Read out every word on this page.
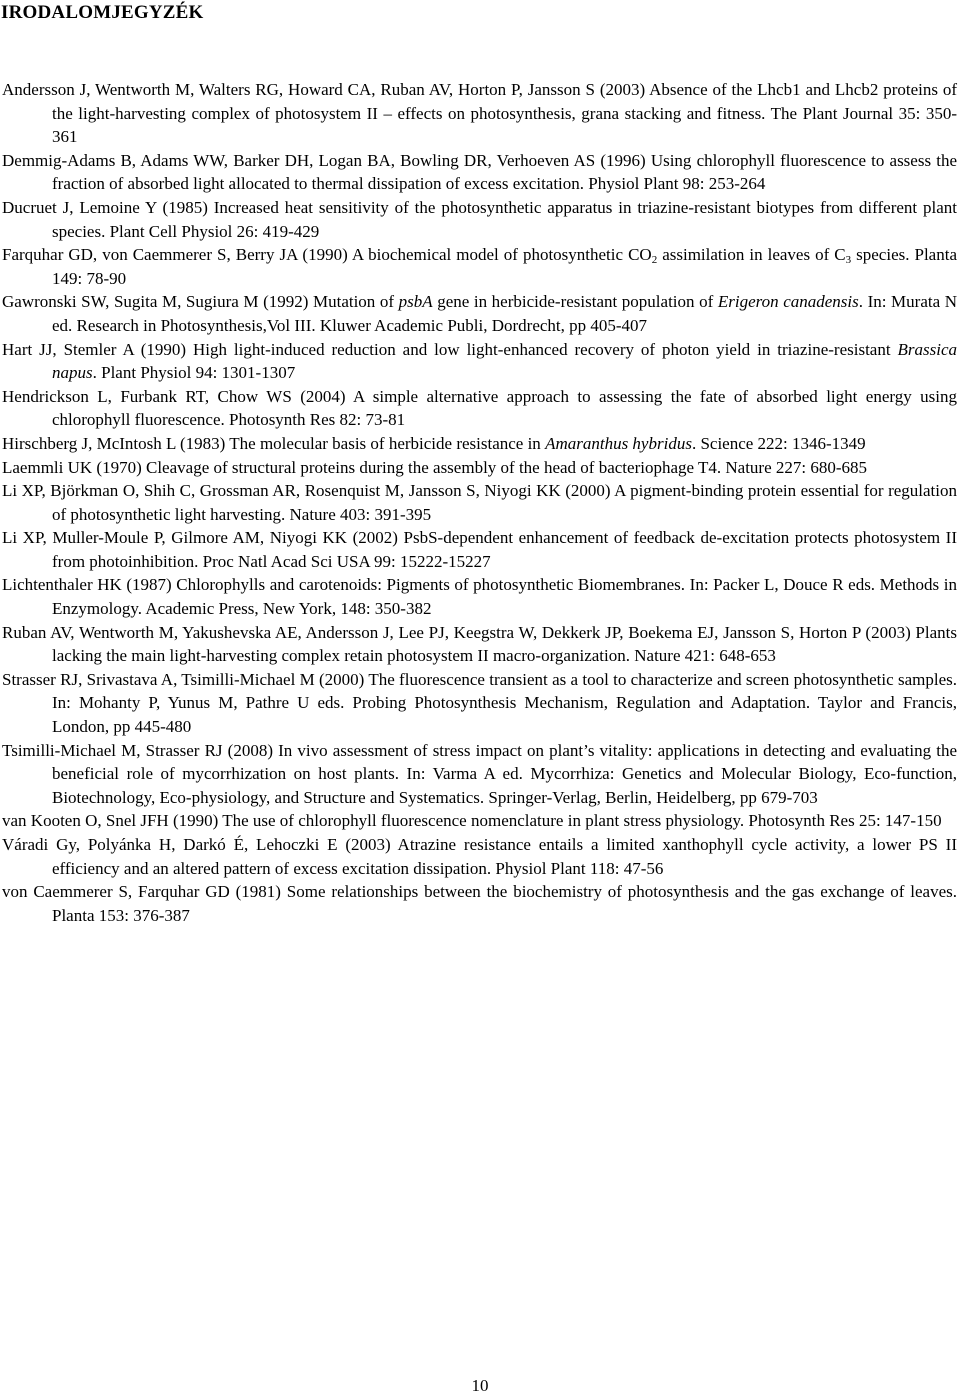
IRODALOMJEGYZÉK

Andersson J, Wentworth M, Walters RG, Howard CA, Ruban AV, Horton P, Jansson S (2003) Absence of the Lhcb1 and Lhcb2 proteins of the light-harvesting complex of photosystem II – effects on photosynthesis, grana stacking and fitness. The Plant Journal 35: 350-361

Demmig-Adams B, Adams WW, Barker DH, Logan BA, Bowling DR, Verhoeven AS (1996) Using chlorophyll fluorescence to assess the fraction of absorbed light allocated to thermal dissipation of excess excitation. Physiol Plant 98: 253-264

Ducruet J, Lemoine Y (1985) Increased heat sensitivity of the photosynthetic apparatus in triazine-resistant biotypes from different plant species. Plant Cell Physiol 26: 419-429

Farquhar GD, von Caemmerer S, Berry JA (1990) A biochemical model of photosynthetic $CO_2$ assimilation in leaves of $C_3$ species. Planta 149: 78-90

Gawronski SW, Sugita M, Sugiura M (1992) Mutation of psbA gene in herbicide-resistant population of Erigeron canadensis. In: Murata N ed. Research in Photosynthesis,Vol III. Kluwer Academic Publi, Dordrecht, pp 405-407

Hart JJ, Stemler A (1990) High light-induced reduction and low light-enhanced recovery of photon yield in triazine-resistant Brassica napus. Plant Physiol 94: 1301-1307

Hendrickson L, Furbank RT, Chow WS (2004) A simple alternative approach to assessing the fate of absorbed light energy using chlorophyll fluorescence. Photosynth Res 82: 73-81

Hirschberg J, McIntosh L (1983) The molecular basis of herbicide resistance in Amaranthus hybridus. Science 222: 1346-1349

Laemmli UK (1970) Cleavage of structural proteins during the assembly of the head of bacteriophage T4. Nature 227: 680-685

Li XP, Björkman O, Shih C, Grossman AR, Rosenquist M, Jansson S, Niyogi KK (2000) A pigment-binding protein essential for regulation of photosynthetic light harvesting. Nature 403: 391-395

Li XP, Muller-Moule P, Gilmore AM, Niyogi KK (2002) PsbS-dependent enhancement of feedback de-excitation protects photosystem II from photoinhibition. Proc Natl Acad Sci USA 99: 15222-15227

Lichtenthaler HK (1987) Chlorophylls and carotenoids: Pigments of photosynthetic Biomembranes. In: Packer L, Douce R eds. Methods in Enzymology. Academic Press, New York, 148: 350-382

Ruban AV, Wentworth M, Yakushevska AE, Andersson J, Lee PJ, Keegstra W, Dekkerk JP, Boekema EJ, Jansson S, Horton P (2003) Plants lacking the main light-harvesting complex retain photosystem II macro-organization. Nature 421: 648-653

Strasser RJ, Srivastava A, Tsimilli-Michael M (2000) The fluorescence transient as a tool to characterize and screen photosynthetic samples. In: Mohanty P, Yunus M, Pathre U eds. Probing Photosynthesis Mechanism, Regulation and Adaptation. Taylor and Francis, London, pp 445-480

Tsimilli-Michael M, Strasser RJ (2008) In vivo assessment of stress impact on plant’s vitality: applications in detecting and evaluating the beneficial role of mycorrhization on host plants. In: Varma A ed. Mycorrhiza: Genetics and Molecular Biology, Eco-function, Biotechnology, Eco-physiology, and Structure and Systematics. Springer-Verlag, Berlin, Heidelberg, pp 679-703

van Kooten O, Snel JFH (1990) The use of chlorophyll fluorescence nomenclature in plant stress physiology. Photosynth Res 25: 147-150

Váradi Gy, Polyánka H, Darkó É, Lehoczki E (2003) Atrazine resistance entails a limited xanthophyll cycle activity, a lower PS II efficiency and an altered pattern of excess excitation dissipation. Physiol Plant 118: 47-56

von Caemmerer S, Farquhar GD (1981) Some relationships between the biochemistry of photosynthesis and the gas exchange of leaves. Planta 153: 376-387

10
